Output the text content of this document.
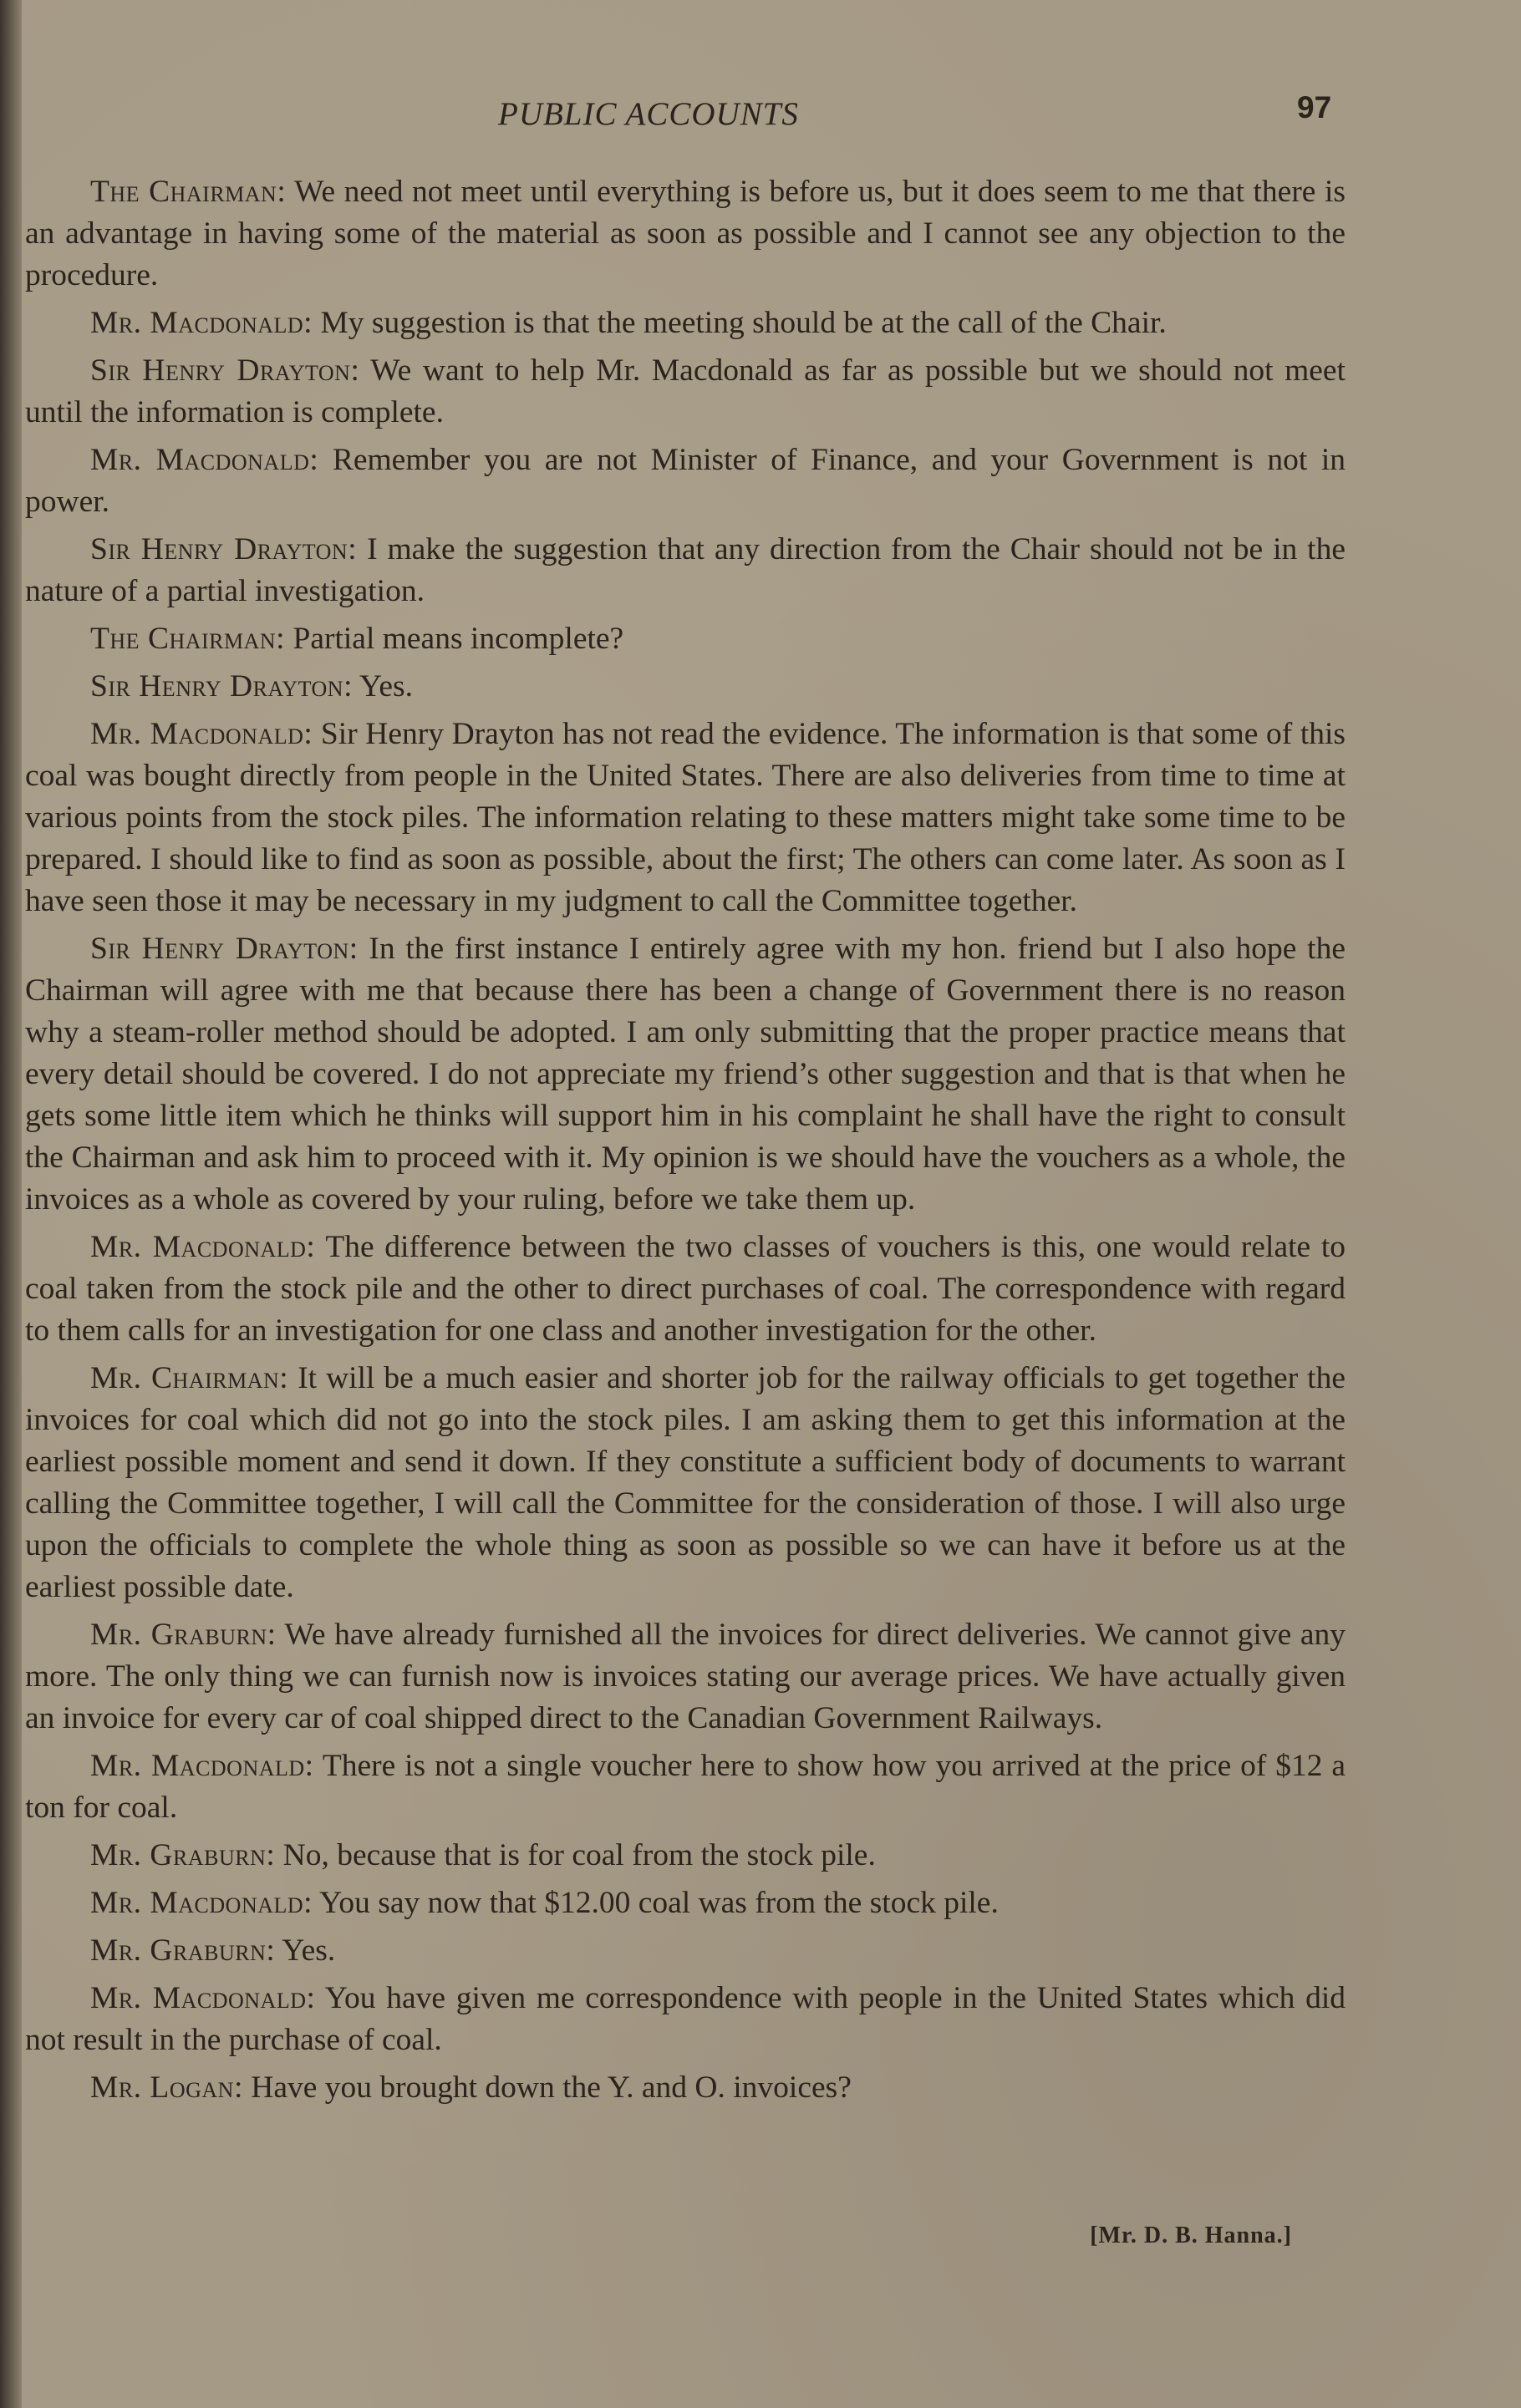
PUBLIC ACCOUNTS	97

The Chairman: We need not meet until everything is before us, but it does seem to me that there is an advantage in having some of the material as soon as possible and I cannot see any objection to the procedure.

Mr. Macdonald: My suggestion is that the meeting should be at the call of the Chair.

Sir Henry Drayton: We want to help Mr. Macdonald as far as possible but we should not meet until the information is complete.

Mr. Macdonald: Remember you are not Minister of Finance, and your Government is not in power.

Sir Henry Drayton: I make the suggestion that any direction from the Chair should not be in the nature of a partial investigation.

The Chairman: Partial means incomplete?

Sir Henry Drayton: Yes.

Mr. Macdonald: Sir Henry Drayton has not read the evidence. The information is that some of this coal was bought directly from people in the United States. There are also deliveries from time to time at various points from the stock piles. The information relating to these matters might take some time to be prepared. I should like to find as soon as possible, about the first; The others can come later. As soon as I have seen those it may be necessary in my judgment to call the Committee together.

Sir Henry Drayton: In the first instance I entirely agree with my hon. friend but I also hope the Chairman will agree with me that because there has been a change of Government there is no reason why a steam-roller method should be adopted. I am only submitting that the proper practice means that every detail should be covered. I do not appreciate my friend’s other suggestion and that is that when he gets some little item which he thinks will support him in his complaint he shall have the right to consult the Chairman and ask him to proceed with it. My opinion is we should have the vouchers as a whole, the invoices as a whole as covered by your ruling, before we take them up.

Mr. Macdonald: The difference between the two classes of vouchers is this, one would relate to coal taken from the stock pile and the other to direct purchases of coal. The correspondence with regard to them calls for an investigation for one class and another investigation for the other.

Mr. Chairman: It will be a much easier and shorter job for the railway officials to get together the invoices for coal which did not go into the stock piles. I am asking them to get this information at the earliest possible moment and send it down. If they constitute a sufficient body of documents to warrant calling the Committee together, I will call the Committee for the consideration of those. I will also urge upon the officials to complete the whole thing as soon as possible so we can have it before us at the earliest possible date.

Mr. Graburn: We have already furnished all the invoices for direct deliveries. We cannot give any more. The only thing we can furnish now is invoices stating our average prices. We have actually given an invoice for every car of coal shipped direct to the Canadian Government Railways.

Mr. Macdonald: There is not a single voucher here to show how you arrived at the price of $12 a ton for coal.

Mr. Graburn: No, because that is for coal from the stock pile.

Mr. Macdonald: You say now that $12.00 coal was from the stock pile.

Mr. Graburn: Yes.

Mr. Macdonald: You have given me correspondence with people in the United States which did not result in the purchase of coal.

Mr. Logan: Have you brought down the Y. and O. invoices?

[Mr. D. B. Hanna.]
